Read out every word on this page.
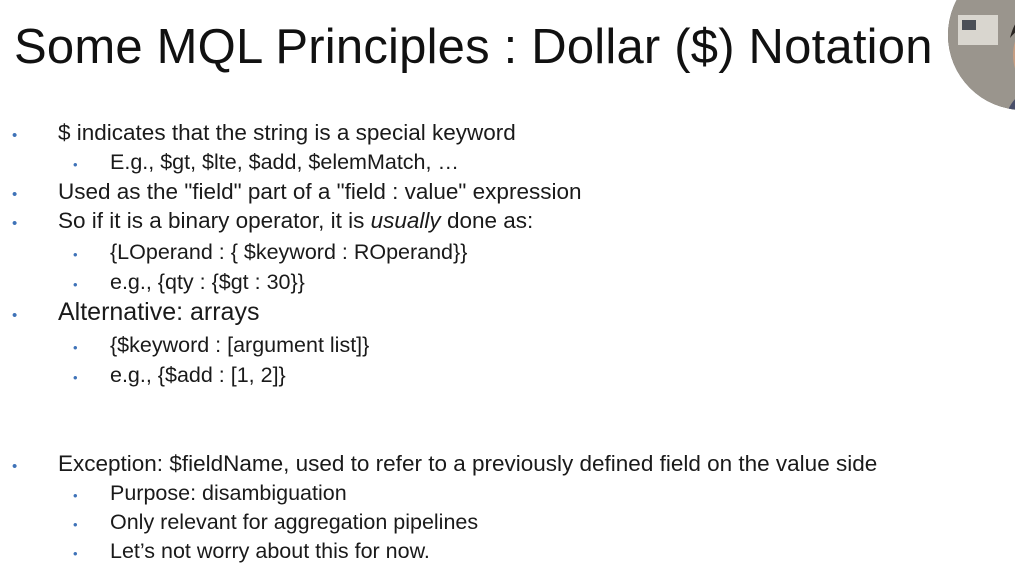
Some MQL Principles : Dollar ($) Notation
• $ indicates that the string is a special keyword
• E.g., $gt, $lte, $add, $elemMatch, …
• Used as the "field" part of a "field : value" expression
• So if it is a binary operator, it is usually done as:
• {LOperand : { $keyword : ROperand}}
• e.g., {qty : {$gt : 30}}
• Alternative: arrays
• {$keyword : [argument list]}
• e.g., {$add : [1, 2]}
• Exception: $fieldName, used to refer to a previously defined field on the value side
• Purpose: disambiguation
• Only relevant for aggregation pipelines
• Let’s not worry about this for now.
